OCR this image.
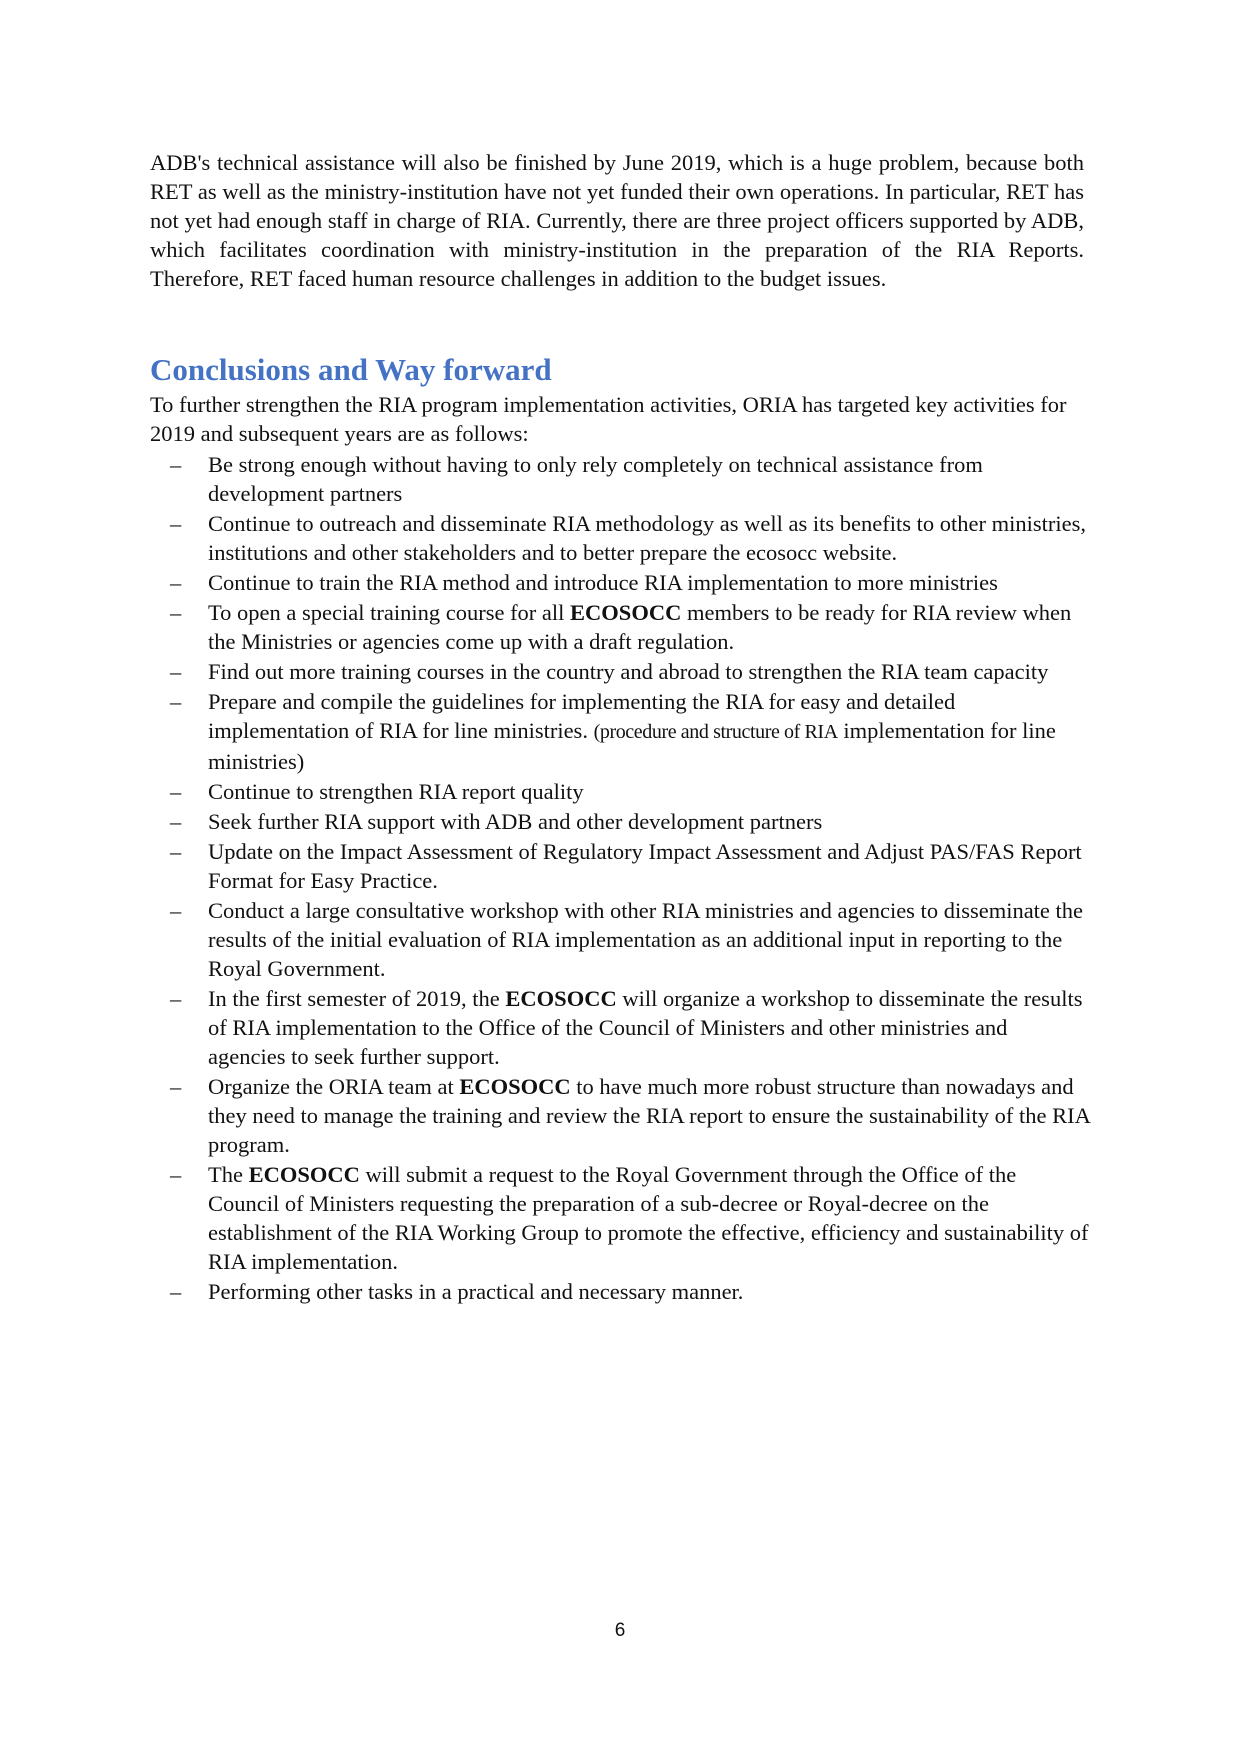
ADB's technical assistance will also be finished by June 2019, which is a huge problem, because both RET as well as the ministry-institution have not yet funded their own operations. In particular, RET has not yet had enough staff in charge of RIA. Currently, there are three project officers supported by ADB, which facilitates coordination with ministry-institution in the preparation of the RIA Reports. Therefore, RET faced human resource challenges in addition to the budget issues.

Conclusions and Way forward

To further strengthen the RIA program implementation activities, ORIA has targeted key activities for 2019 and subsequent years are as follows:

– Be strong enough without having to only rely completely on technical assistance from development partners
– Continue to outreach and disseminate RIA methodology as well as its benefits to other ministries, institutions and other stakeholders and to better prepare the ecosocc website.
– Continue to train the RIA method and introduce RIA implementation to more ministries
– To open a special training course for all ECOSOCC members to be ready for RIA review when the Ministries or agencies come up with a draft regulation.
– Find out more training courses in the country and abroad to strengthen the RIA team capacity
– Prepare and compile the guidelines for implementing the RIA for easy and detailed implementation of RIA for line ministries. (procedure and structure of RIA implementation for line ministries)
– Continue to strengthen RIA report quality
– Seek further RIA support with ADB and other development partners
– Update on the Impact Assessment of Regulatory Impact Assessment and Adjust PAS/FAS Report Format for Easy Practice.
– Conduct a large consultative workshop with other RIA ministries and agencies to disseminate the results of the initial evaluation of RIA implementation as an additional input in reporting to the Royal Government.
– In the first semester of 2019, the ECOSOCC will organize a workshop to disseminate the results of RIA implementation to the Office of the Council of Ministers and other ministries and agencies to seek further support.
– Organize the ORIA team at ECOSOCC to have much more robust structure than nowadays and they need to manage the training and review the RIA report to ensure the sustainability of the RIA program.
– The ECOSOCC will submit a request to the Royal Government through the Office of the Council of Ministers requesting the preparation of a sub-decree or Royal-decree on the establishment of the RIA Working Group to promote the effective, efficiency and sustainability of RIA implementation.
– Performing other tasks in a practical and necessary manner.
6
